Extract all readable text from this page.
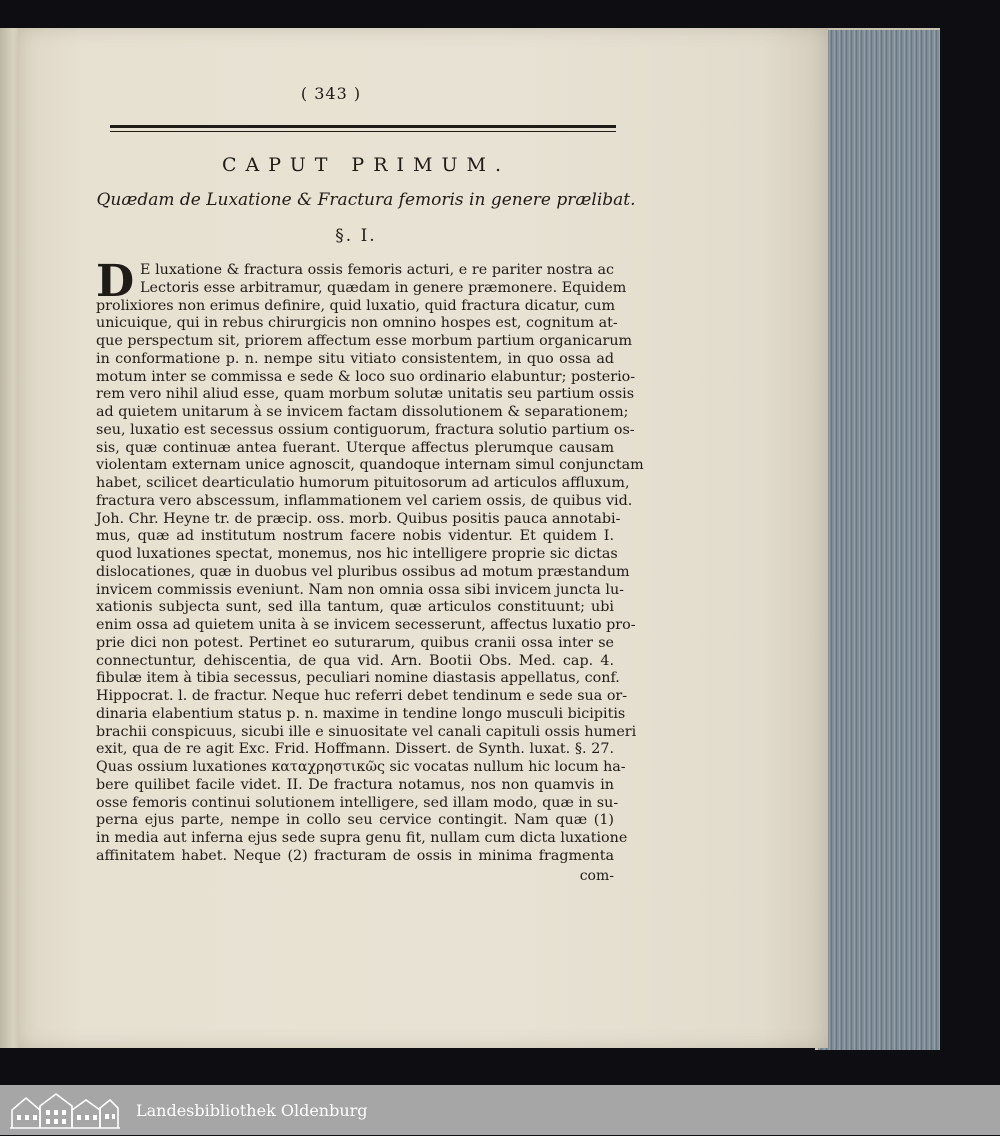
( 343 )
CAPUT PRIMUM.
Quædam de Luxatione & Fractura femoris in genere prælibat.
§. I.
D E luxatione & fractura ossis femoris acturi, e re pariter nostra ac
Lectoris esse arbitramur, quædam in genere præmonere. Equidem
prolixiores non erimus definire, quid luxatio, quid fractura dicatur, cum
unicuique, qui in rebus chirurgicis non omnino hospes est, cognitum at-
que perspectum sit, priorem affectum esse morbum partium organicarum
in conformatione p. n. nempe situ vitiato consistentem, in quo ossa ad
motum inter se commissa e sede & loco suo ordinario elabuntur; posterio-
rem vero nihil aliud esse, quam morbum solutæ unitatis seu partium ossis
ad quietem unitarum à se invicem factam dissolutionem & separationem;
seu, luxatio est secessus ossium contiguorum, fractura solutio partium os-
sis, quæ continuæ antea fuerant. Uterque affectus plerumque causam
violentam externam unice agnoscit, quandoque internam simul conjunctam
habet, scilicet dearticulatio humorum pituitosorum ad articulos affluxum,
fractura vero abscessum, inflammationem vel cariem ossis, de quibus vid.
Joh. Chr. Heyne tr. de præcip. oss. morb. Quibus positis pauca annotabi-
mus, quæ ad institutum nostrum facere nobis videntur. Et quidem I.
quod luxationes spectat, monemus, nos hic intelligere proprie sic dictas
dislocationes, quæ in duobus vel pluribus ossibus ad motum præstandum
invicem commissis eveniunt. Nam non omnia ossa sibi invicem juncta lu-
xationis subjecta sunt, sed illa tantum, quæ articulos constituunt; ubi
enim ossa ad quietem unita à se invicem secesserunt, affectus luxatio pro-
prie dici non potest. Pertinet eo suturarum, quibus cranii ossa inter se
connectuntur, dehiscentia, de qua vid. Arn. Bootii Obs. Med. cap. 4.
fibulæ item à tibia secessus, peculiari nomine diastasis appellatus, conf.
Hippocrat. l. de fractur. Neque huc referri debet tendinum e sede sua or-
dinaria elabentium status p. n. maxime in tendine longo musculi bicipitis
brachii conspicuus, sicubi ille e sinuositate vel canali capituli ossis humeri
exit, qua de re agit Exc. Frid. Hoffmann. Dissert. de Synth. luxat. §. 27.
Quas ossium luxationes καταχρηστικῶς sic vocatas nullum hic locum ha-
bere quilibet facile videt. II. De fractura notamus, nos non quamvis in
osse femoris continui solutionem intelligere, sed illam modo, quæ in su-
perna ejus parte, nempe in collo seu cervice contingit. Nam quæ (1)
in media aut inferna ejus sede supra genu fit, nullam cum dicta luxatione
affinitatem habet. Neque (2) fracturam de ossis in minima fragmenta
com-
Landesbibliothek Oldenburg
